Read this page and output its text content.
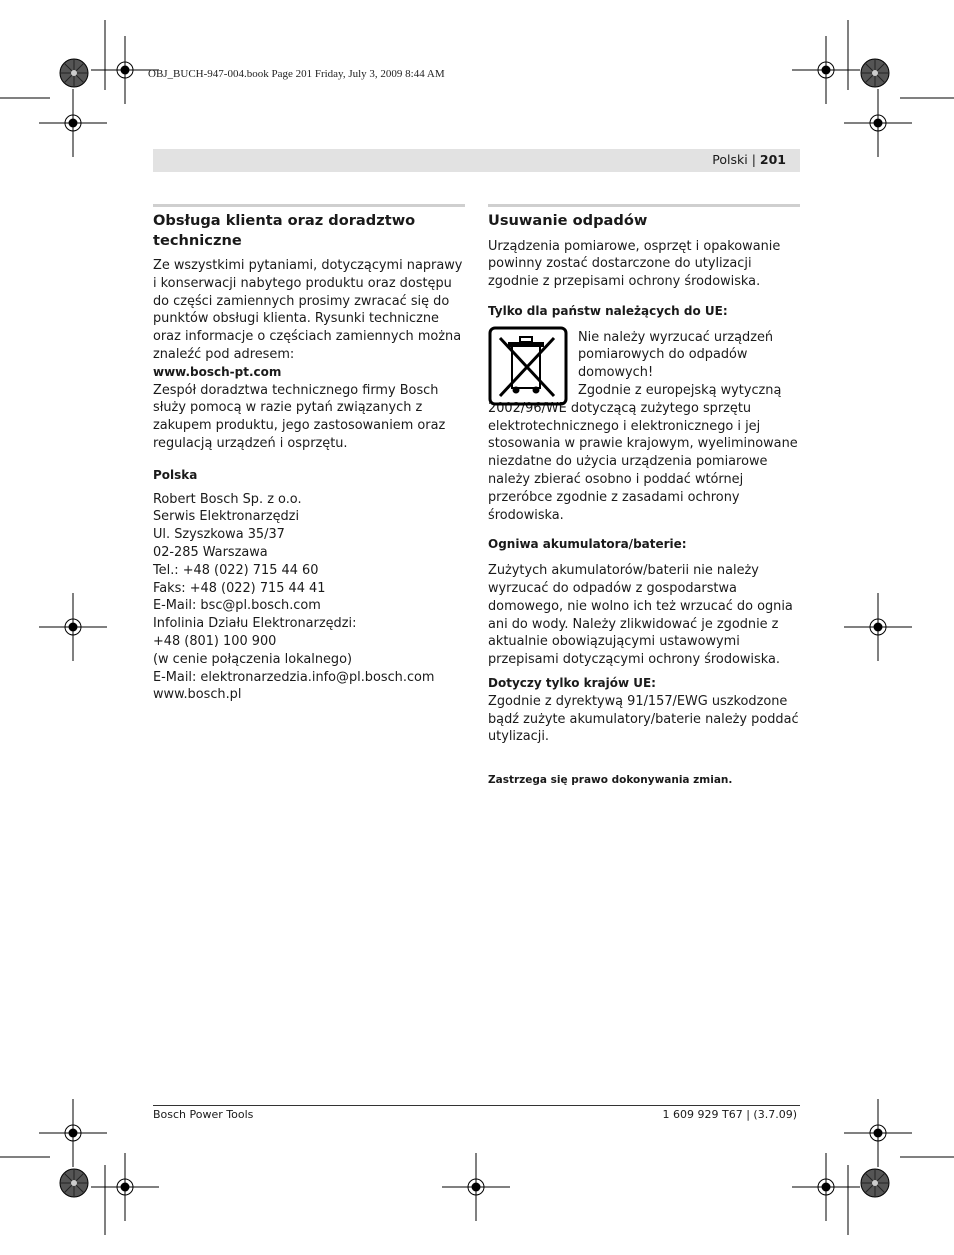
OBJ_BUCH-947-004.book Page 201 Friday, July 3, 2009 8:44 AM
Polski | 201
Obsługa klienta oraz doradztwo techniczne

Ze wszystkimi pytaniami, dotyczącymi naprawy i konserwacji nabytego produktu oraz dostępu do części zamiennych prosimy zwracać się do punktów obsługi klienta. Rysunki techniczne oraz informacje o częściach zamiennych można znaleźć pod adresem:

www.bosch-pt.com

Zespół doradztwa technicznego firmy Bosch służy pomocą w razie pytań związanych z zakupem produktu, jego zastosowaniem oraz regulacją urządzeń i osprzętu.

Polska

Robert Bosch Sp. z o.o.
Serwis Elektronarzędzi
Ul. Szyszkowa 35/37
02-285 Warszawa
Tel.: +48 (022) 715 44 60
Faks: +48 (022) 715 44 41
E-Mail: bsc@pl.bosch.com
Infolinia Działu Elektronarzędzi:
+48 (801) 100 900
(w cenie połączenia lokalnego)
E-Mail: elektronarzedzia.info@pl.bosch.com
www.bosch.pl
Usuwanie odpadów

Urządzenia pomiarowe, osprzęt i opakowanie powinny zostać dostarczone do utylizacji zgodnie z przepisami ochrony środowiska.

Tylko dla państw należących do UE:

Nie należy wyrzucać urządzeń pomiarowych do odpadów domowych!

Zgodnie z europejską wytyczną 2002/96/WE dotyczącą zużytego sprzętu elektrotechnicznego i elektronicznego i jej stosowania w prawie krajowym, wyeliminowane niezdatne do użycia urządzenia pomiarowe należy zbierać osobno i poddać wtórnej przeróbce zgodnie z zasadami ochrony środowiska.

Ogniwa akumulatora/baterie:

Zużytych akumulatorów/baterii nie należy wyrzucać do odpadów z gospodarstwa domowego, nie wolno ich też wrzucać do ognia ani do wody. Należy zlikwidować je zgodnie z aktualnie obowiązującymi ustawowymi przepisami dotyczącymi ochrony środowiska.

Dotyczy tylko krajów UE:

Zgodnie z dyrektywą 91/157/EWG uszkodzone bądź zużyte akumulatory/baterie należy poddać utylizacji.

Zastrzega się prawo dokonywania zmian.

Bosch Power Tools	1 609 929 T67 | (3.7.09)
